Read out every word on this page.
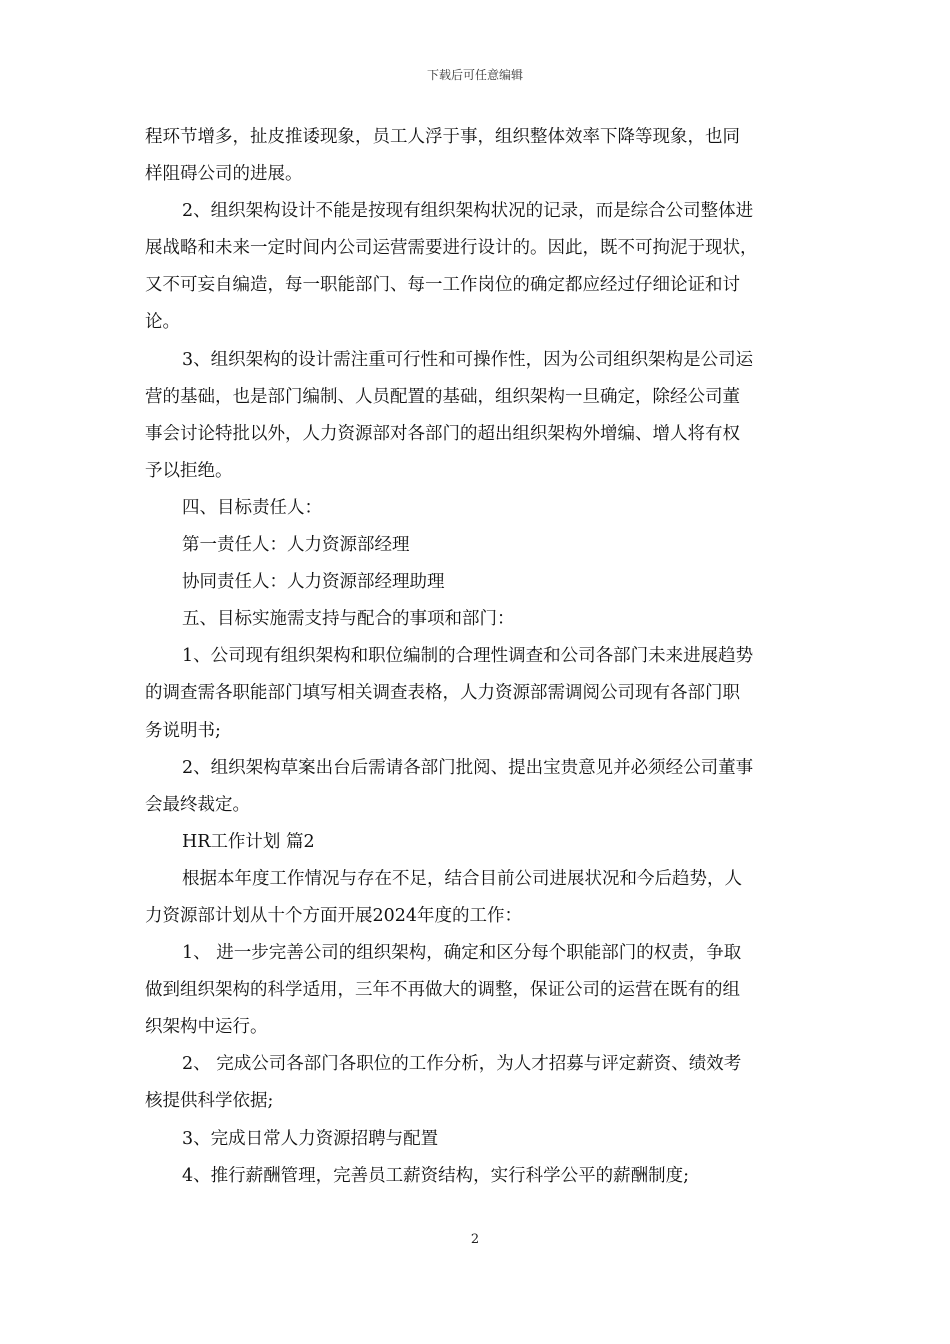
下载后可任意编辑
程环节增多，扯皮推诿现象，员工人浮于事，组织整体效率下降等现象，也同
样阻碍公司的进展。
2、组织架构设计不能是按现有组织架构状况的记录，而是综合公司整体进
展战略和未来一定时间内公司运营需要进行设计的。因此，既不可拘泥于现状，
又不可妄自编造，每一职能部门、每一工作岗位的确定都应经过仔细论证和讨
论。
3、组织架构的设计需注重可行性和可操作性，因为公司组织架构是公司运
营的基础，也是部门编制、人员配置的基础，组织架构一旦确定，除经公司董
事会讨论特批以外，人力资源部对各部门的超出组织架构外增编、增人将有权
予以拒绝。
四、目标责任人：
第一责任人：人力资源部经理
协同责任人：人力资源部经理助理
五、目标实施需支持与配合的事项和部门：
1、公司现有组织架构和职位编制的合理性调查和公司各部门未来进展趋势
的调查需各职能部门填写相关调查表格，人力资源部需调阅公司现有各部门职
务说明书;
2、组织架构草案出台后需请各部门批阅、提出宝贵意见并必须经公司董事
会最终裁定。
HR工作计划 篇2
根据本年度工作情况与存在不足，结合目前公司进展状况和今后趋势，人
力资源部计划从十个方面开展2024年度的工作：
1、 进一步完善公司的组织架构，确定和区分每个职能部门的权责，争取
做到组织架构的科学适用，三年不再做大的调整，保证公司的运营在既有的组
织架构中运行。
2、 完成公司各部门各职位的工作分析，为人才招募与评定薪资、绩效考
核提供科学依据;
3、完成日常人力资源招聘与配置
4、推行薪酬管理，完善员工薪资结构，实行科学公平的薪酬制度;
2
